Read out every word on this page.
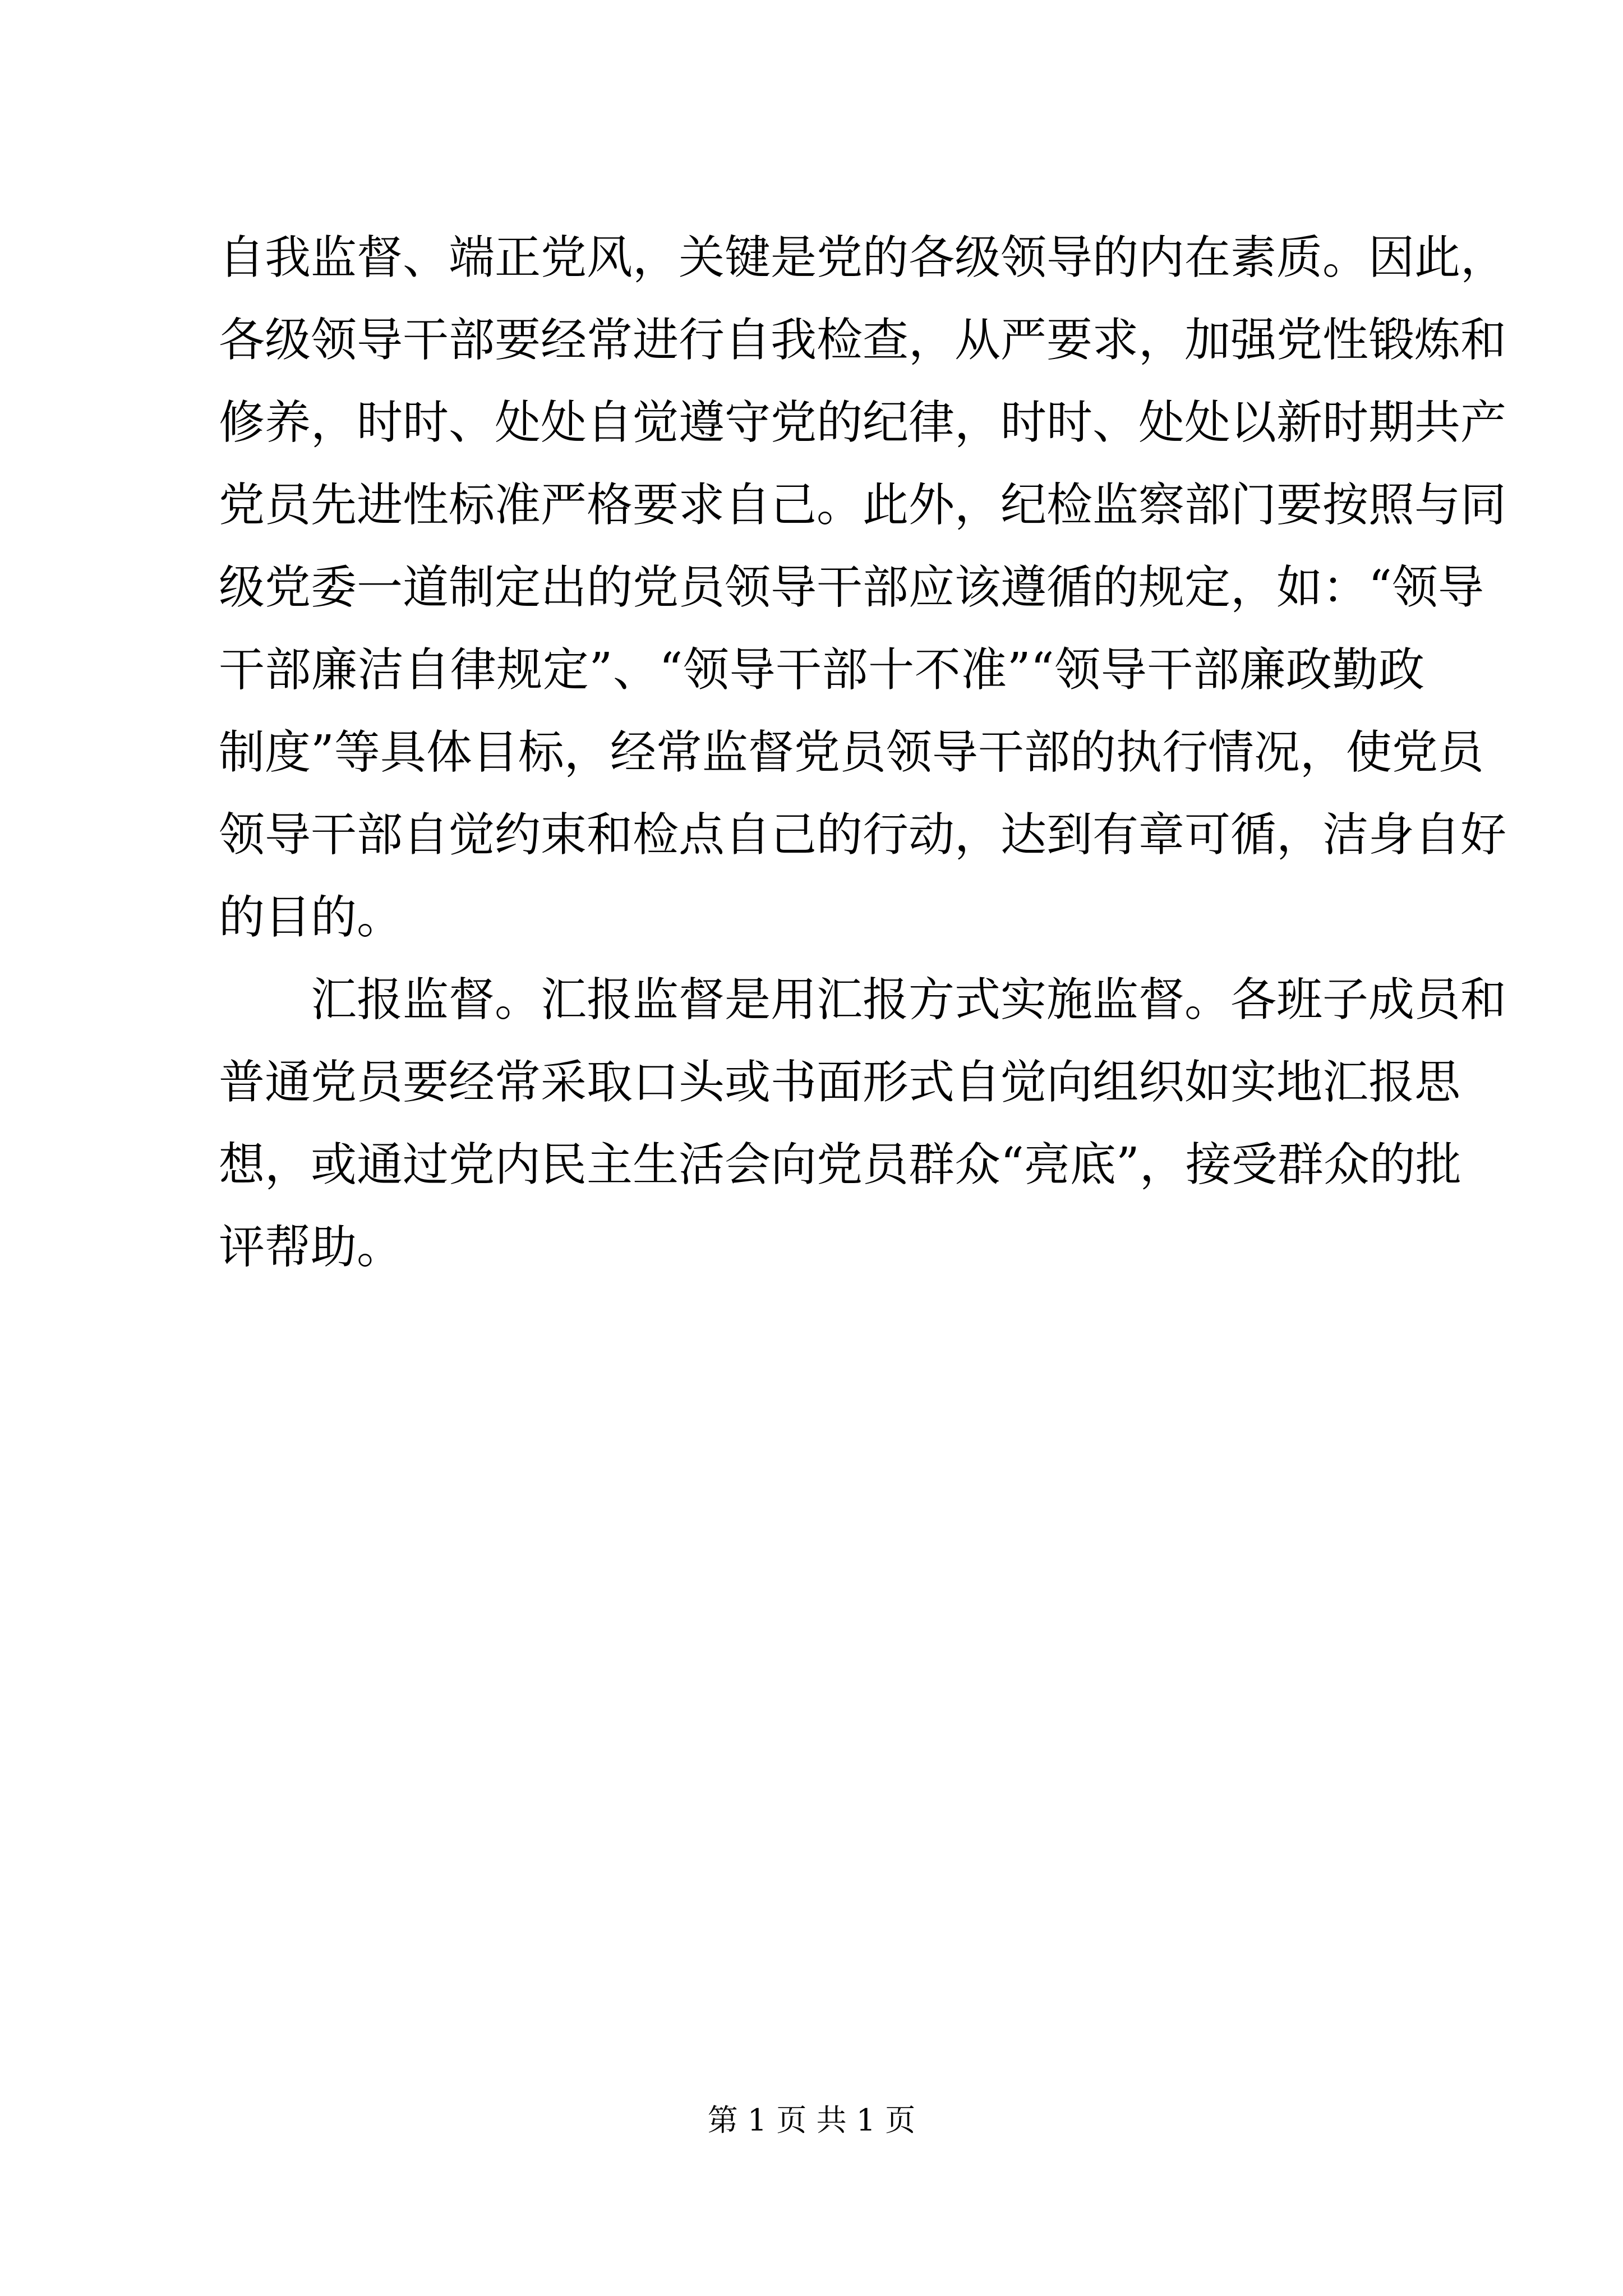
自我监督、端正党风，关键是党的各级领导的内在素质。因此，
各级领导干部要经常进行自我检查，从严要求，加强党性锻炼和
修养，时时、处处自觉遵守党的纪律，时时、处处以新时期共产
党员先进性标准严格要求自己。此外，纪检监察部门要按照与同
级党委一道制定出的党员领导干部应该遵循的规定，如：“领导
干部廉洁自律规定”、“领导干部十不准”“领导干部廉政勤政
制度”等具体目标，经常监督党员领导干部的执行情况，使党员
领导干部自觉约束和检点自己的行动，达到有章可循，洁身自好
的目的。
汇报监督。汇报监督是用汇报方式实施监督。各班子成员和
普通党员要经常采取口头或书面形式自觉向组织如实地汇报思
想，或通过党内民主生活会向党员群众“亮底”，接受群众的批
评帮助。
第 1 页 共 1 页
